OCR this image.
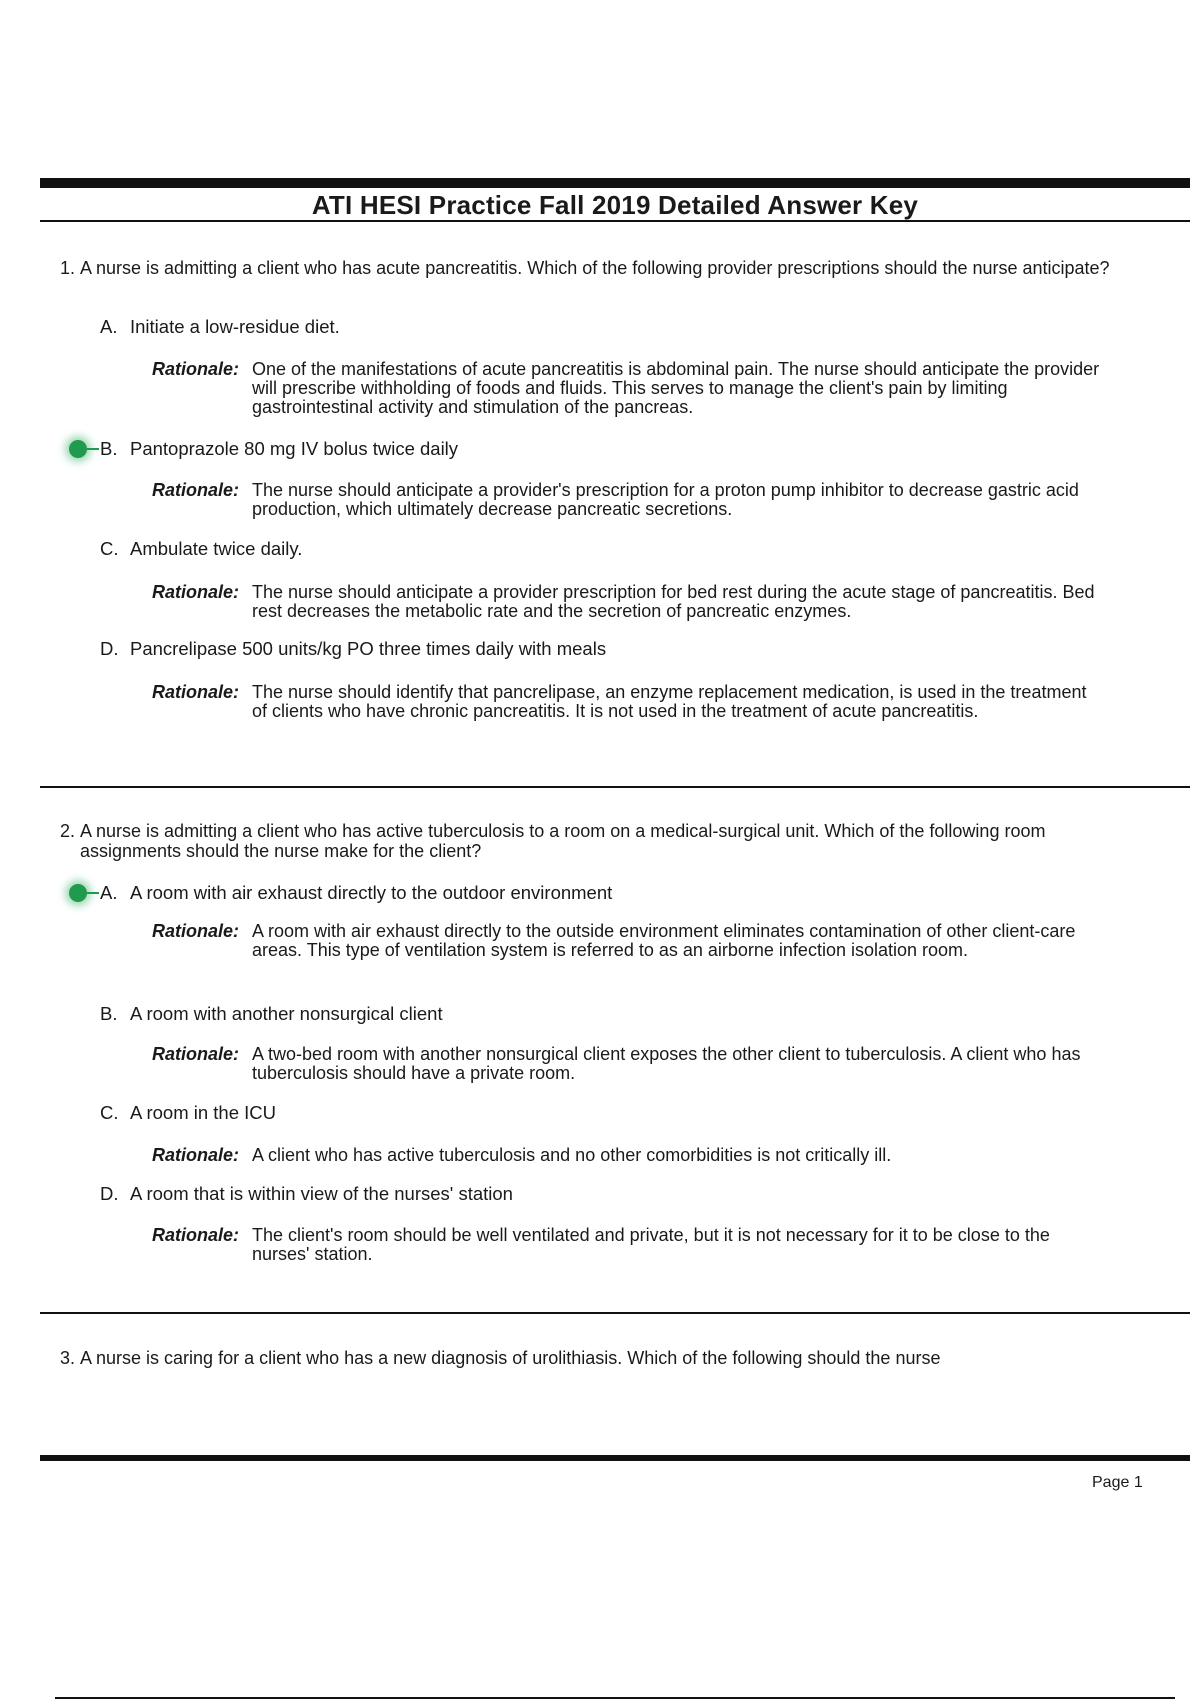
ATI HESI Practice Fall 2019 Detailed Answer Key
1. A nurse is admitting a client who has acute pancreatitis. Which of the following provider prescriptions should the nurse anticipate?
A. Initiate a low-residue diet.
Rationale: One of the manifestations of acute pancreatitis is abdominal pain. The nurse should anticipate the provider will prescribe withholding of foods and fluids. This serves to manage the client's pain by limiting gastrointestinal activity and stimulation of the pancreas.
B. Pantoprazole 80 mg IV bolus twice daily
Rationale: The nurse should anticipate a provider's prescription for a proton pump inhibitor to decrease gastric acid production, which ultimately decrease pancreatic secretions.
C. Ambulate twice daily.
Rationale: The nurse should anticipate a provider prescription for bed rest during the acute stage of pancreatitis. Bed rest decreases the metabolic rate and the secretion of pancreatic enzymes.
D. Pancrelipase 500 units/kg PO three times daily with meals
Rationale: The nurse should identify that pancrelipase, an enzyme replacement medication, is used in the treatment of clients who have chronic pancreatitis. It is not used in the treatment of acute pancreatitis.
2. A nurse is admitting a client who has active tuberculosis to a room on a medical-surgical unit. Which of the following room assignments should the nurse make for the client?
A. A room with air exhaust directly to the outdoor environment
Rationale: A room with air exhaust directly to the outside environment eliminates contamination of other client-care areas. This type of ventilation system is referred to as an airborne infection isolation room.
B. A room with another nonsurgical client
Rationale: A two-bed room with another nonsurgical client exposes the other client to tuberculosis. A client who has tuberculosis should have a private room.
C. A room in the ICU
Rationale: A client who has active tuberculosis and no other comorbidities is not critically ill.
D. A room that is within view of the nurses' station
Rationale: The client's room should be well ventilated and private, but it is not necessary for it to be close to the nurses' station.
3. A nurse is caring for a client who has a new diagnosis of urolithiasis. Which of the following should the nurse
Page 1
